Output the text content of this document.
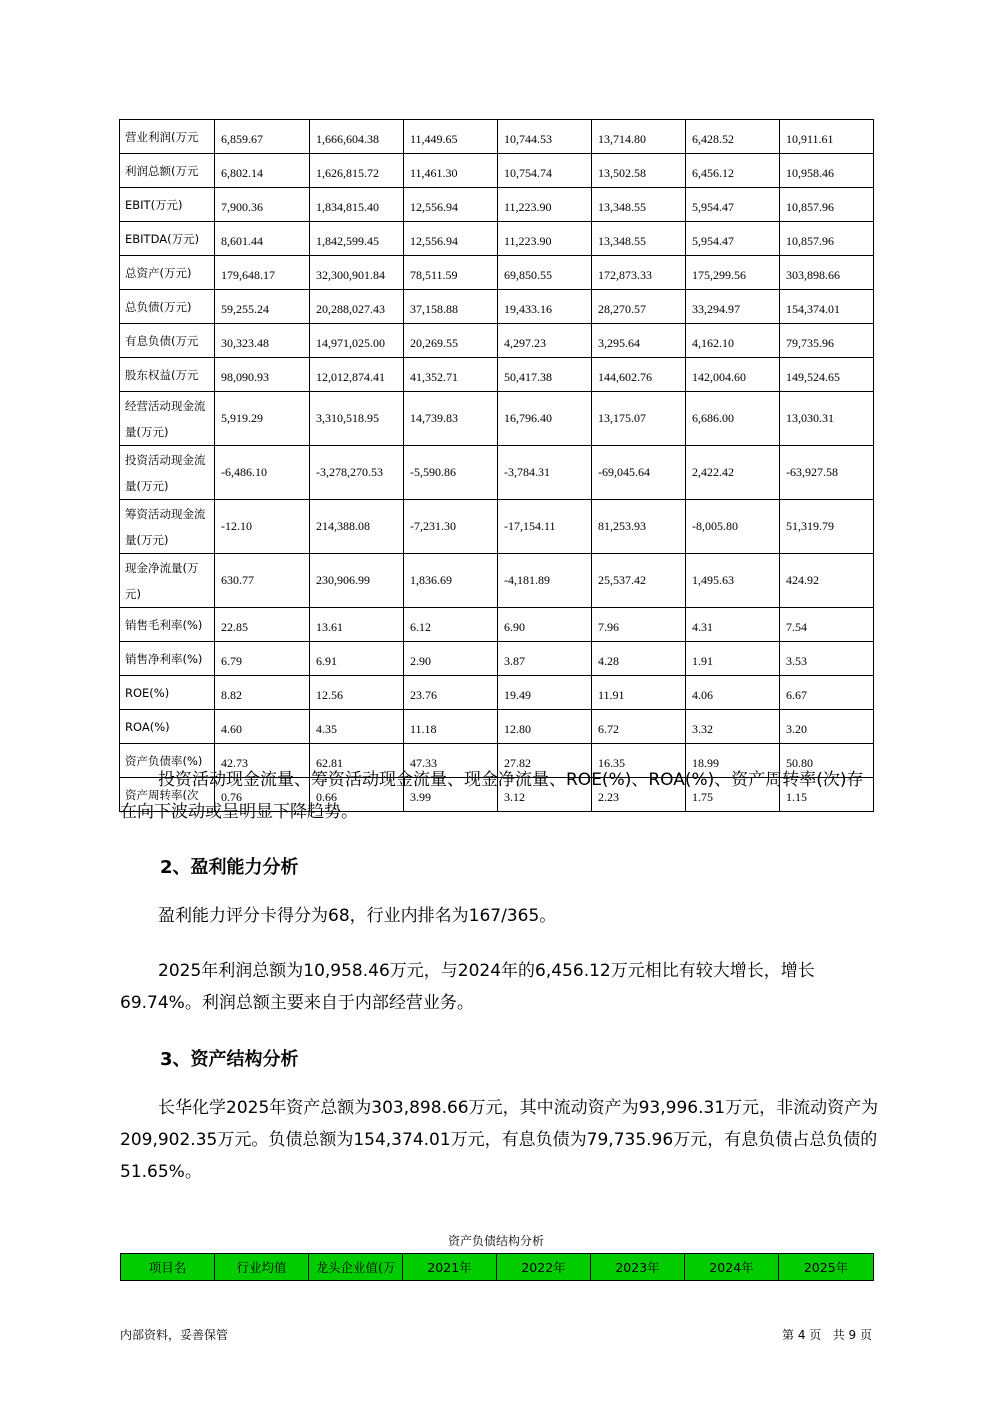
营业利润(万元	6,859.67	1,666,604.38	11,449.65	10,744.53	13,714.80	6,428.52	10,911.61
利润总额(万元	6,802.14	1,626,815.72	11,461.30	10,754.74	13,502.58	6,456.12	10,958.46
EBIT(万元)	7,900.36	1,834,815.40	12,556.94	11,223.90	13,348.55	5,954.47	10,857.96
EBITDA(万元)	8,601.44	1,842,599.45	12,556.94	11,223.90	13,348.55	5,954.47	10,857.96
总资产(万元)	179,648.17	32,300,901.84	78,511.59	69,850.55	172,873.33	175,299.56	303,898.66
总负债(万元)	59,255.24	20,288,027.43	37,158.88	19,433.16	28,270.57	33,294.97	154,374.01
有息负债(万元	30,323.48	14,971,025.00	20,269.55	4,297.23	3,295.64	4,162.10	79,735.96
股东权益(万元	98,090.93	12,012,874.41	41,352.71	50,417.38	144,602.76	142,004.60	149,524.65
经营活动现金流量(万元)	5,919.29	3,310,518.95	14,739.83	16,796.40	13,175.07	6,686.00	13,030.31
投资活动现金流量(万元)	-6,486.10	-3,278,270.53	-5,590.86	-3,784.31	-69,045.64	2,422.42	-63,927.58
筹资活动现金流量(万元)	-12.10	214,388.08	-7,231.30	-17,154.11	81,253.93	-8,005.80	51,319.79
现金净流量(万元)	630.77	230,906.99	1,836.69	-4,181.89	25,537.42	1,495.63	424.92
销售毛利率(%)	22.85	13.61	6.12	6.90	7.96	4.31	7.54
销售净利率(%)	6.79	6.91	2.90	3.87	4.28	1.91	3.53
ROE(%)	8.82	12.56	23.76	19.49	11.91	4.06	6.67
ROA(%)	4.60	4.35	11.18	12.80	6.72	3.32	3.20
资产负债率(%)	42.73	62.81	47.33	27.82	16.35	18.99	50.80
资产周转率(次	0.76	0.66	3.99	3.12	2.23	1.75	1.15

投资活动现金流量、筹资活动现金流量、现金净流量、ROE(%)、ROA(%)、资产周转率(次)存在向下波动或呈明显下降趋势。

2、盈利能力分析

盈利能力评分卡得分为68，行业内排名为167/365。

2025年利润总额为10,958.46万元，与2024年的6,456.12万元相比有较大增长，增长69.74%。利润总额主要来自于内部经营业务。

3、资产结构分析

长华化学2025年资产总额为303,898.66万元，其中流动资产为93,996.31万元，非流动资产为209,902.35万元。负债总额为154,374.01万元，有息负债为79,735.96万元，有息负债占总负债的51.65%。

资产负债结构分析
项目名	行业均值	龙头企业值(万	2021年	2022年	2023年	2024年	2025年
内部资料，妥善保管	第 4 页   共 9 页
